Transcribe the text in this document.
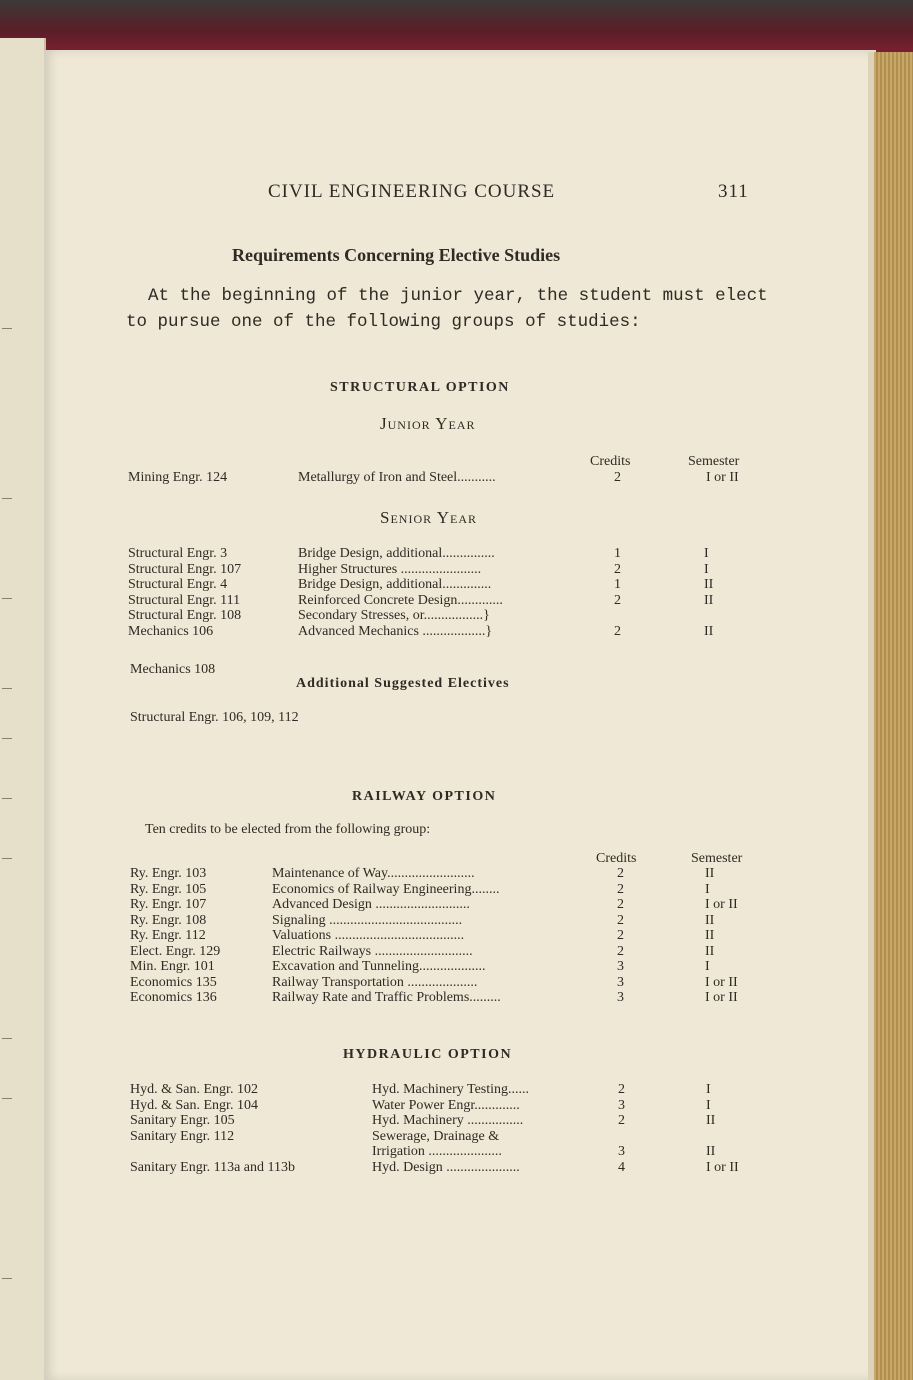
CIVIL ENGINEERING COURSE	311
Requirements Concerning Elective Studies
At the beginning of the junior year, the student must elect
to pursue one of the following groups of studies:
STRUCTURAL OPTION
Junior Year
Credits	Semester
Mining Engr. 124	Metallurgy of Iron and Steel...........	2	I or II
Senior Year
Structural Engr. 3	Bridge Design, additional...............	1	I
Structural Engr. 107	Higher Structures .......................	2	I
Structural Engr. 4	Bridge Design, additional..............	1	II
Structural Engr. 111	Reinforced Concrete Design.............	2	II
Structural Engr. 108	Secondary Stresses, or.................}
Mechanics 106	Advanced Mechanics ..................}	2	II
Mechanics 108
Additional Suggested Electives
Structural Engr. 106, 109, 112
RAILWAY OPTION
Ten credits to be elected from the following group:
Credits	Semester
Ry. Engr. 103	Maintenance of Way.........................	2	II
Ry. Engr. 105	Economics of Railway Engineering........	2	I
Ry. Engr. 107	Advanced Design ...........................	2	I or II
Ry. Engr. 108	Signaling ......................................	2	II
Ry. Engr. 112	Valuations .....................................	2	II
Elect. Engr. 129	Electric Railways ............................	2	II
Min. Engr. 101	Excavation and Tunneling...................	3	I
Economics 135	Railway Transportation ....................	3	I or II
Economics 136	Railway Rate and Traffic Problems.........	3	I or II
HYDRAULIC OPTION
Hyd. & San. Engr. 102	Hyd. Machinery Testing......	2	I
Hyd. & San. Engr. 104	Water Power Engr.............	3	I
Sanitary Engr. 105	Hyd. Machinery ................	2	II
Sanitary Engr. 112	Sewerage, Drainage &
Irrigation .....................	3	II
Sanitary Engr. 113a and 113b	Hyd. Design .....................	4	I or II
